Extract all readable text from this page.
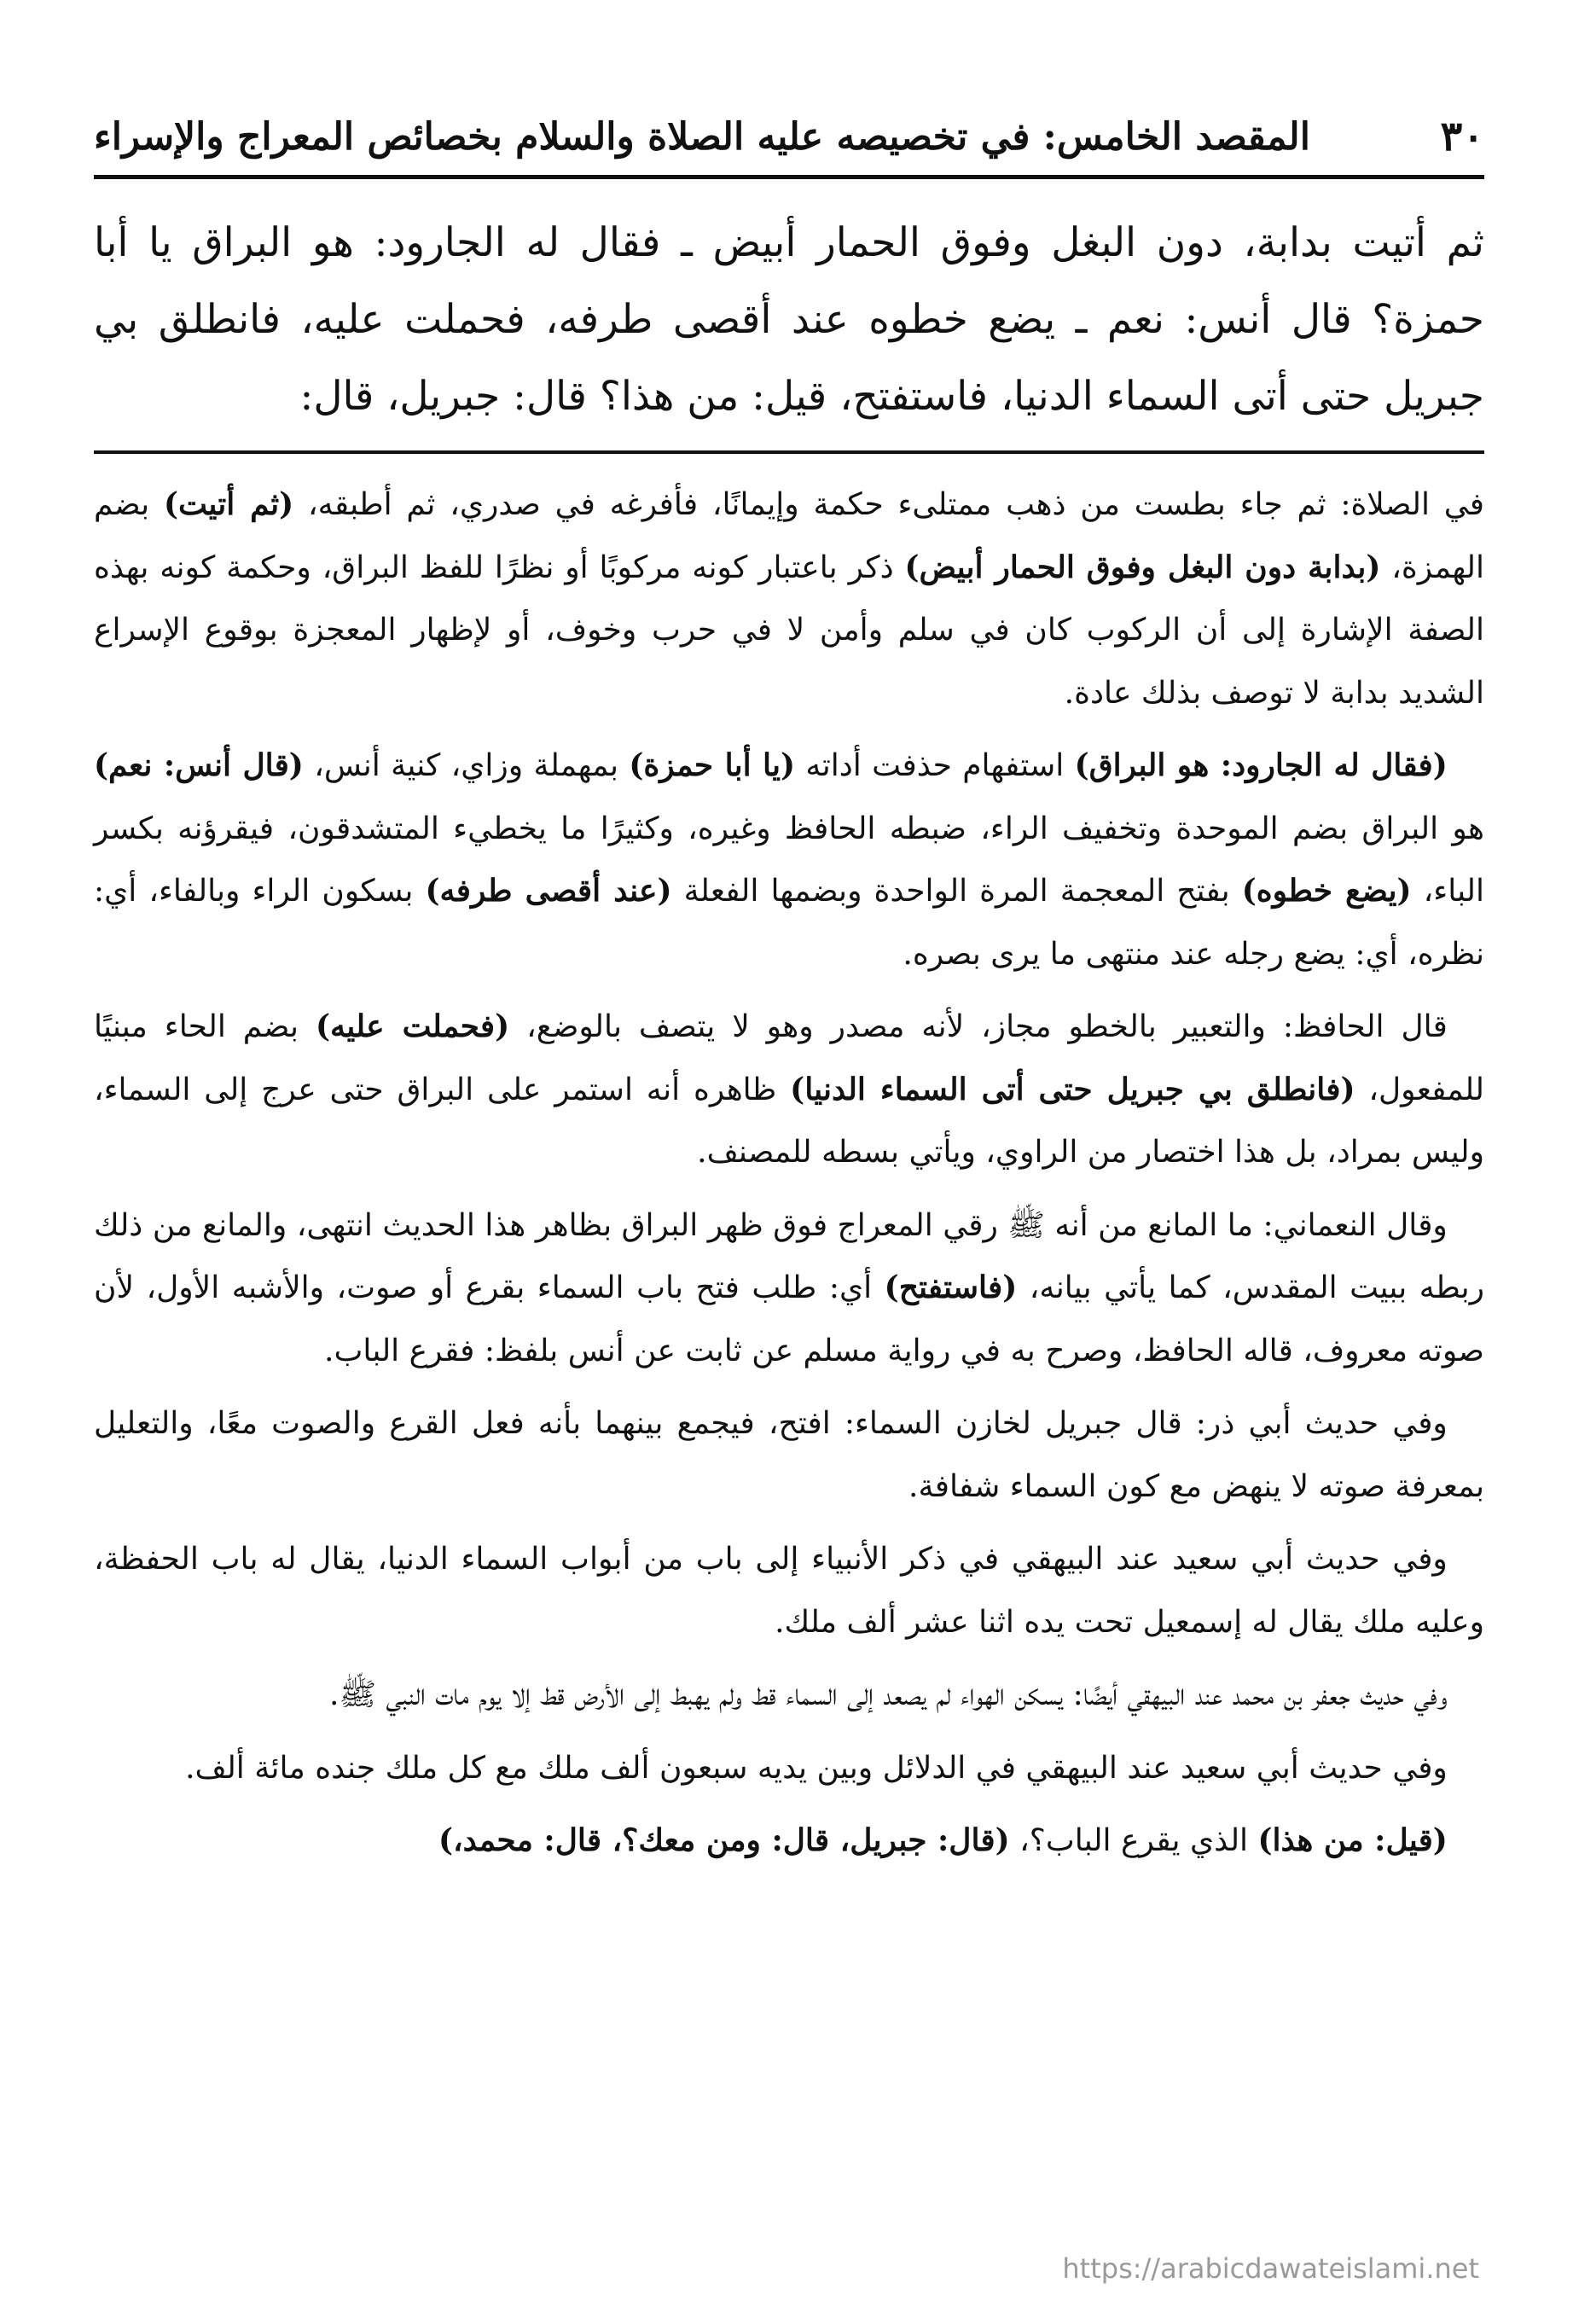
٣٠
المقصد الخامس: في تخصيصه عليه الصلاة والسلام بخصائص المعراج والإسراء

ثم أتيت بدابة، دون البغل وفوق الحمار أبيض ـ فقال له الجارود: هو البراق يا أبا حمزة؟ قال أنس: نعم ـ يضع خطوه عند أقصى طرفه، فحملت عليه، فانطلق بي جبريل حتى أتى السماء الدنيا، فاستفتح، قيل: من هذا؟ قال: جبريل، قال:

في الصلاة: ثم جاء بطست من ذهب ممتلىء حكمة وإيمانًا، فأفرغه في صدري، ثم أطبقه، (ثم أتيت) بضم الهمزة، (بدابة دون البغل وفوق الحمار أبيض) ذكر باعتبار كونه مركوبًا أو نظرًا للفظ البراق، وحكمة كونه بهذه الصفة الإشارة إلى أن الركوب كان في سلم وأمن لا في حرب وخوف، أو لإظهار المعجزة بوقوع الإسراع الشديد بدابة لا توصف بذلك عادة.

(فقال له الجارود: هو البراق) استفهام حذفت أداته (يا أبا حمزة) بمهملة وزاي، كنية أنس، (قال أنس: نعم) هو البراق بضم الموحدة وتخفيف الراء، ضبطه الحافظ وغيره، وكثيرًا ما يخطيء المتشدقون، فيقرؤنه بكسر الباء، (يضع خطوه) بفتح المعجمة المرة الواحدة وبضمها الفعلة (عند أقصى طرفه) بسكون الراء وبالفاء، أي: نظره، أي: يضع رجله عند منتهى ما يرى بصره.

قال الحافظ: والتعبير بالخطو مجاز، لأنه مصدر وهو لا يتصف بالوضع، (فحملت عليه) بضم الحاء مبنيًا للمفعول، (فانطلق بي جبريل حتى أتى السماء الدنيا) ظاهره أنه استمر على البراق حتى عرج إلى السماء، وليس بمراد، بل هذا اختصار من الراوي، ويأتي بسطه للمصنف.

وقال النعماني: ما المانع من أنه ﷺ رقي المعراج فوق ظهر البراق بظاهر هذا الحديث انتهى، والمانع من ذلك ربطه ببيت المقدس، كما يأتي بيانه، (فاستفتح) أي: طلب فتح باب السماء بقرع أو صوت، والأشبه الأول، لأن صوته معروف، قاله الحافظ، وصرح به في رواية مسلم عن ثابت عن أنس بلفظ: فقرع الباب.

وفي حديث أبي ذر: قال جبريل لخازن السماء: افتح، فيجمع بينهما بأنه فعل القرع والصوت معًا، والتعليل بمعرفة صوته لا ينهض مع كون السماء شفافة.

وفي حديث أبي سعيد عند البيهقي في ذكر الأنبياء إلى باب من أبواب السماء الدنيا، يقال له باب الحفظة، وعليه ملك يقال له إسمعيل تحت يده اثنا عشر ألف ملك.

وفي حديث جعفر بن محمد عند البيهقي أيضًا: يسكن الهواء لم يصعد إلى السماء قط ولم يهبط إلى الأرض قط إلا يوم مات النبي ﷺ.

وفي حديث أبي سعيد عند البيهقي في الدلائل وبين يديه سبعون ألف ملك مع كل ملك جنده مائة ألف.

(قيل: من هذا) الذي يقرع الباب؟، (قال: جبريل، قال: ومن معك؟، قال: محمد،)

https://arabicdawateislami.net
